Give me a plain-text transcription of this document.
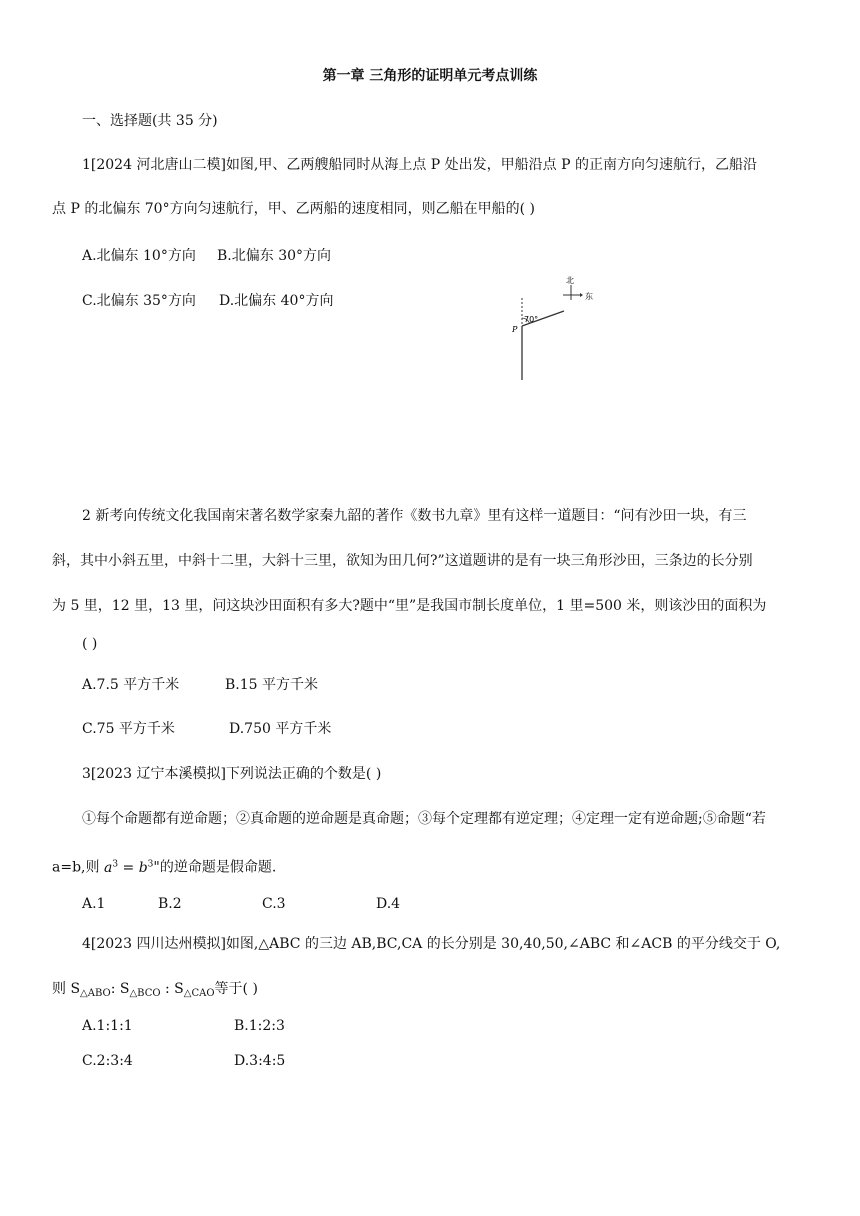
第一章 三角形的证明单元考点训练
一、选择题(共 35 分)
1[2024 河北唐山二模]如图,甲、乙两艘船同时从海上点 P 处出发，甲船沿点 P 的正南方向匀速航行，乙船沿
点 P 的北偏东 70°方向匀速航行，甲、乙两船的速度相同，则乙船在甲船的( )
A.北偏东 10°方向 B.北偏东 30°方向
C.北偏东 35°方向 D.北偏东 40°方向
北
东
70°
P
2 新考向传统文化我国南宋著名数学家秦九韶的著作《数书九章》里有这样一道题目：“问有沙田一块，有三
斜，其中小斜五里，中斜十二里，大斜十三里，欲知为田几何?”这道题讲的是有一块三角形沙田，三条边的长分别
为 5 里，12 里，13 里，问这块沙田面积有多大?题中“里”是我国市制长度单位，1 里=500 米，则该沙田的面积为
( )
A.7.5 平方千米	B.15 平方千米
C.75 平方千米	D.750 平方千米
3[2023 辽宁本溪模拟]下列说法正确的个数是( )
①每个命题都有逆命题；②真命题的逆命题是真命题；③每个定理都有逆定理；④定理一定有逆命题;⑤命题“若
a=b,则 $a^3 = b^3$"的逆命题是假命题.
A.1	B.2	C.3	D.4
4[2023 四川达州模拟]如图,△ABC 的三边 AB,BC,CA 的长分别是 30,40,50,∠ABC 和∠ACB 的平分线交于 O,
则 $S_{\triangle ABO}$: $S_{\triangle BCO}$ : $S_{\triangle CAO}$等于( )
A.1:1:1	B.1:2:3
C.2:3:4	D.3:4:5
